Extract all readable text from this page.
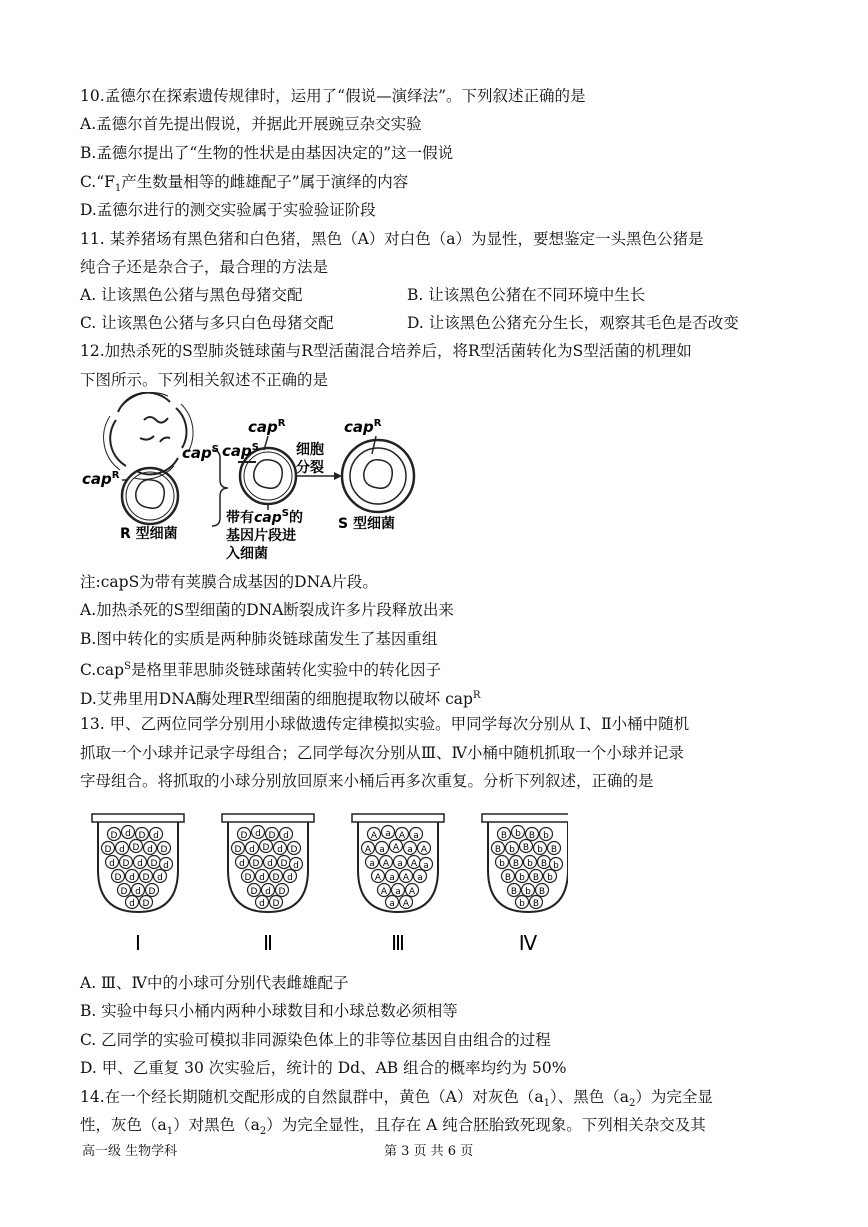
10.孟德尔在探索遗传规律时，运用了“假说—演绎法”。下列叙述正确的是
A.孟德尔首先提出假说，并据此开展豌豆杂交实验
B.孟德尔提出了“生物的性状是由基因决定的”这一假说
$C.“F_1$产生数量相等的雌雄配子”属于演绎的内容
D.孟德尔进行的测交实验属于实验验证阶段
11. 某养猪场有黑色猪和白色猪，黑色（A）对白色（a）为显性，要想鉴定一头黑色公猪是
纯合子还是杂合子，最合理的方法是
A. 让该黑色公猪与黑色母猪交配	B. 让该黑色公猪在不同环境中生长
C. 让该黑色公猪与多只白色母猪交配	D. 让该黑色公猪充分生长，观察其毛色是否改变
12.加热杀死的S型肺炎链球菌与R型活菌混合培养后，将R型活菌转化为S型活菌的机理如
下图所示。下列相关叙述不正确的是
cap$^S$
cap$^R$
R 型细菌
cap$^S$
cap$^R$
细胞
分裂
cap$^R$
S 型细菌
带有cap$^S$的
基因片段进
入细菌
注:capS为带有荚膜合成基因的DNA片段。
A.加热杀死的S型细菌的DNA断裂成许多片段释放出来
B.图中转化的实质是两种肺炎链球菌发生了基因重组
C.cap$^S$是格里菲思肺炎链球菌转化实验中的转化因子
D.艾弗里用DNA酶处理R型细菌的细胞提取物以破坏 cap$^R$
13. 甲、乙两位同学分别用小球做遗传定律模拟实验。甲同学每次分别从 Ⅰ、Ⅱ小桶中随机
抓取一个小球并记录字母组合；乙同学每次分别从Ⅲ、Ⅳ小桶中随机抓取一个小球并记录
字母组合。将抓取的小球分别放回原来小桶后再多次重复。分析下列叙述，正确的是
D d D d
D d D d D
d D d D d
D d D d
D d D
d D
Ⅰ
D d D d
D d D d D
d D d D d
D d D d
D d D
d D
Ⅱ
A a A a
A a A a A
a A a A a
A a A a
A a A
a A
Ⅲ
B b B b
B b B b B
b B b B b
B b B b
B b B
b B
Ⅳ
A. Ⅲ、Ⅳ中的小球可分别代表雌雄配子
B. 实验中每只小桶内两种小球数目和小球总数必须相等
C. 乙同学的实验可模拟非同源染色体上的非等位基因自由组合的过程
D. 甲、乙重复 30 次实验后，统计的 Dd、AB 组合的概率均约为 50%
14.在一个经长期随机交配形成的自然鼠群中，黄色（A）对灰色$(a_1)$、黑色$(a_2)$为完全显
性，灰色$(a_1)$对黑色$(a_2)$为完全显性，且存在 A 纯合胚胎致死现象。下列相关杂交及其
高一级 生物学科	第 3 页 共 6 页
